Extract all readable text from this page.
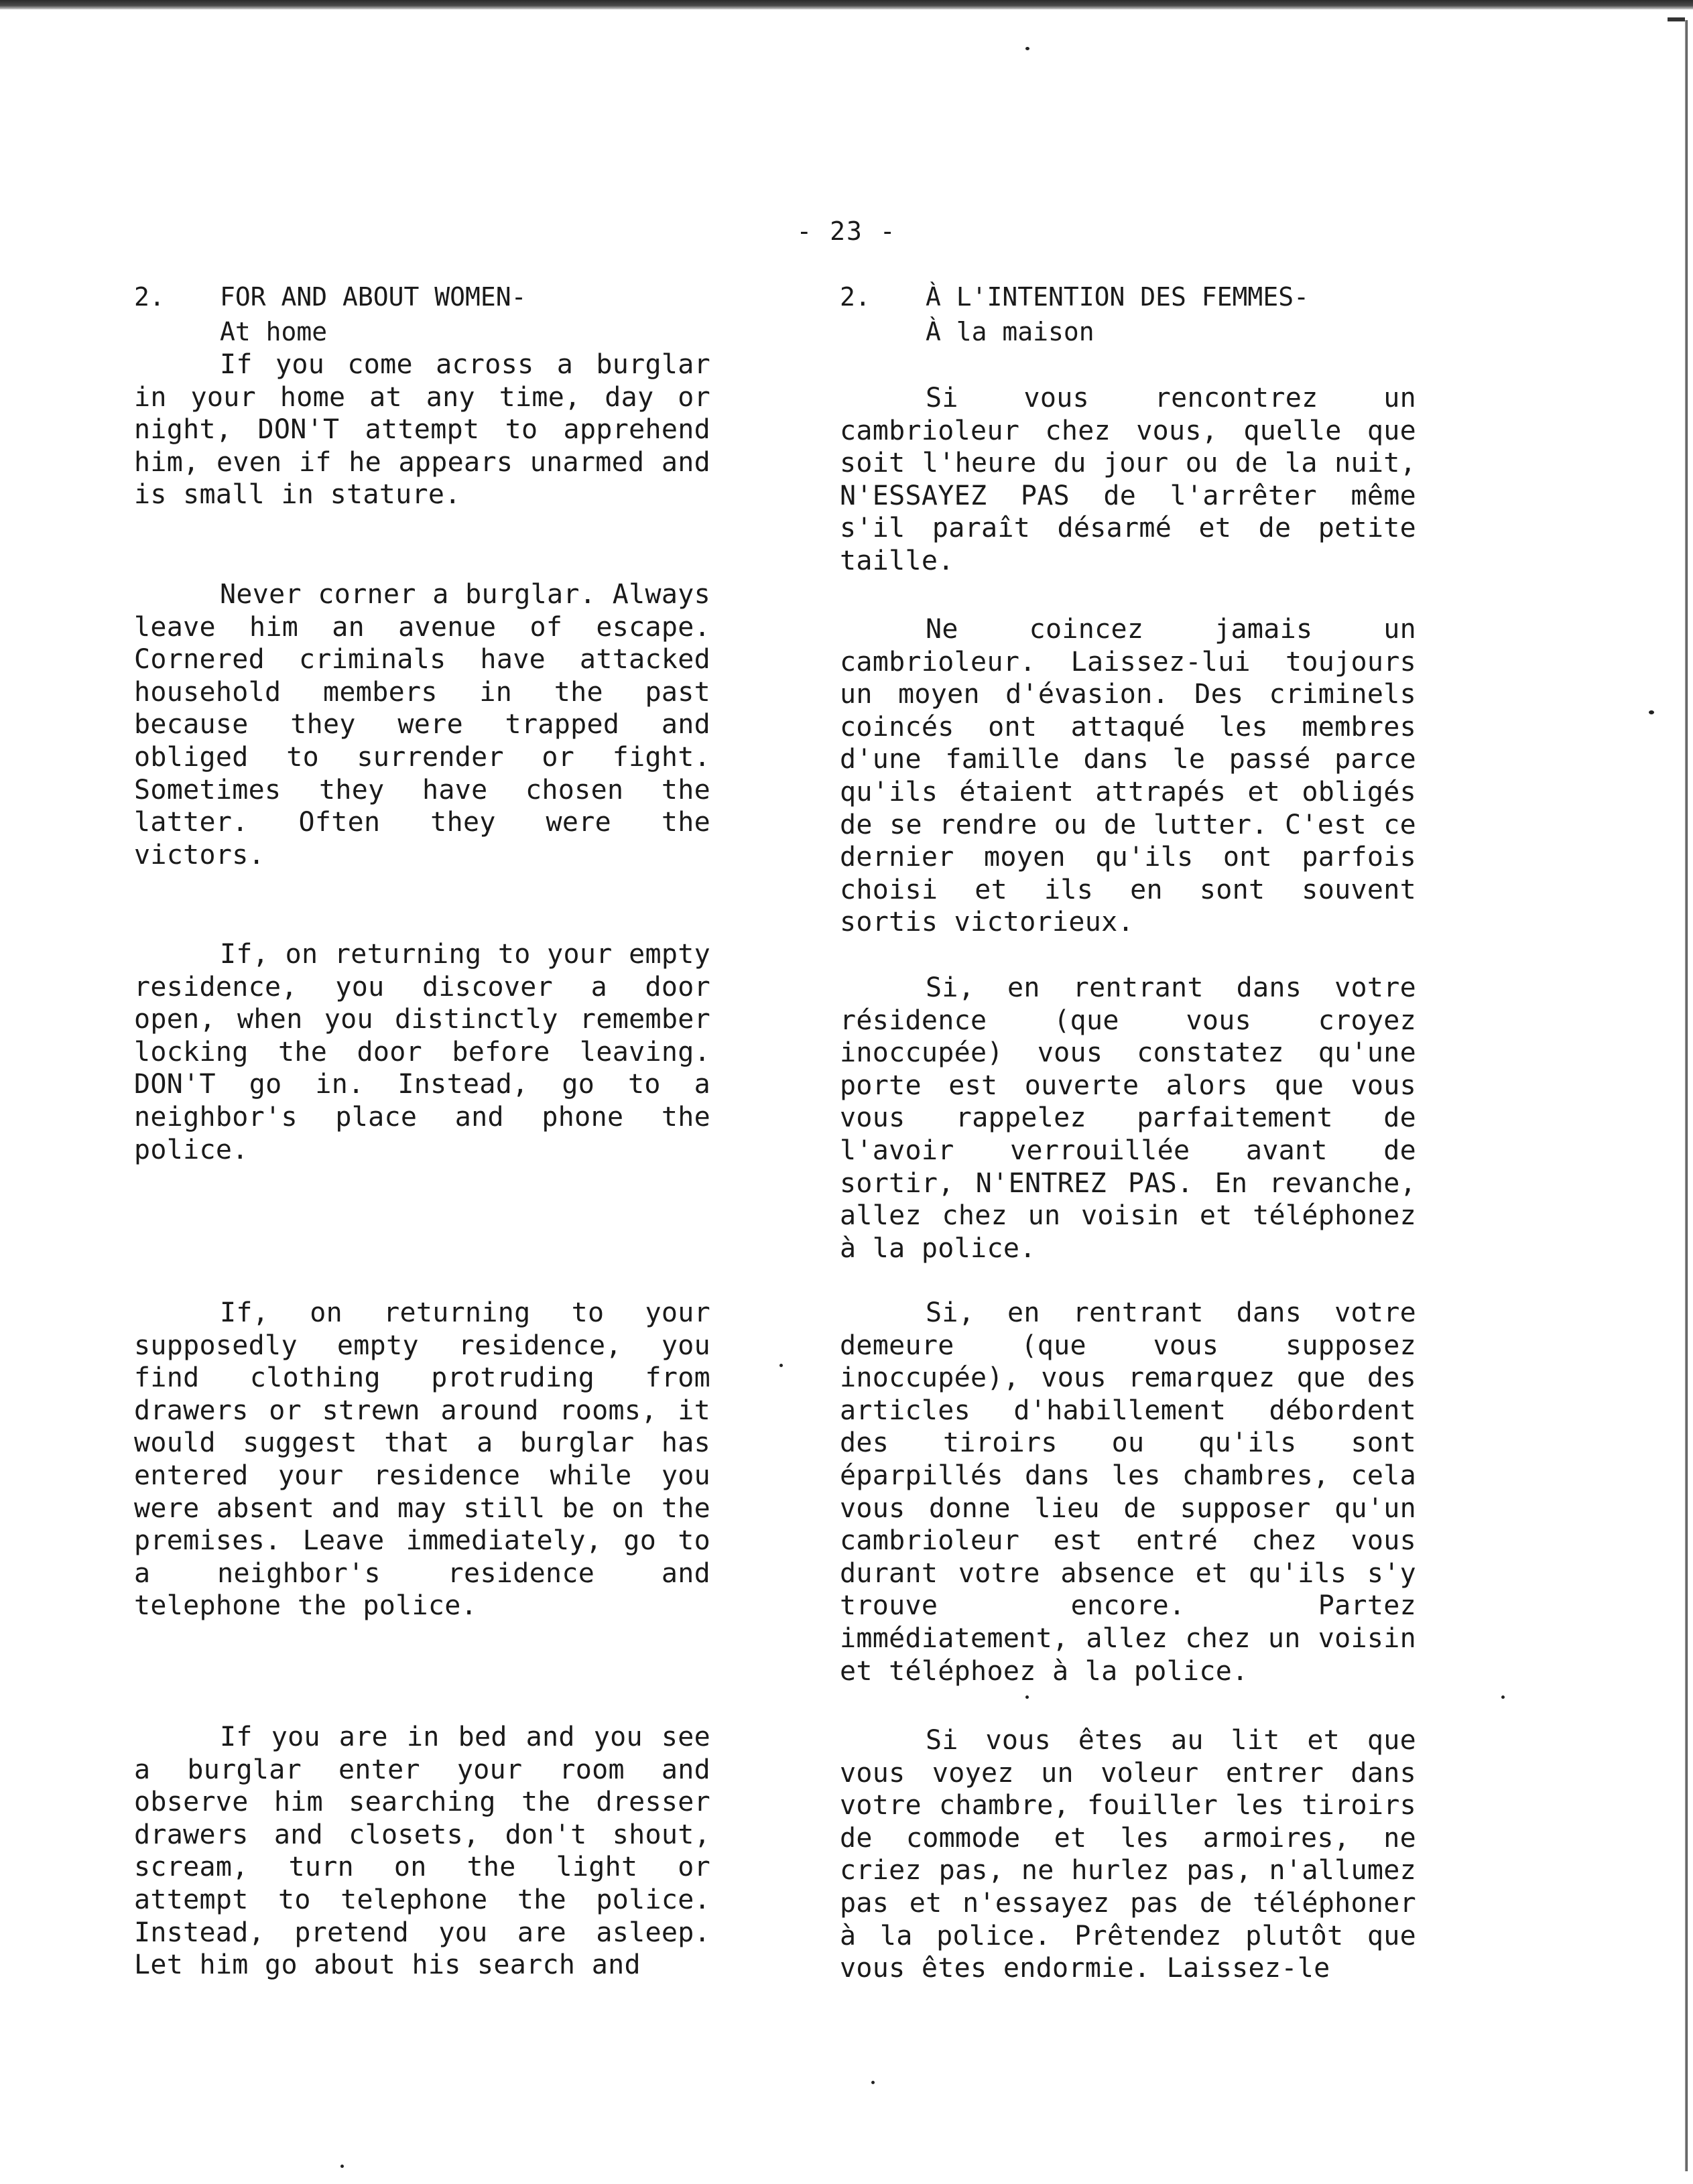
- 23 -
2. FOR AND ABOUT WOMEN-
At home

If you come across a burglar in your home at any time, day or night, DON'T attempt to apprehend him, even if he appears unarmed and is small in stature.

Never corner a burglar. Always leave him an avenue of escape. Cornered criminals have attacked household members in the past because they were trapped and obliged to surrender or fight. Sometimes they have chosen the latter. Often they were the victors.

If, on returning to your empty residence, you discover a door open, when you distinctly remember locking the door before leaving. DON'T go in. Instead, go to a neighbor's place and phone the police.

If, on returning to your supposedly empty residence, you find clothing protruding from drawers or strewn around rooms, it would suggest that a burglar has entered your residence while you were absent and may still be on the premises. Leave immediately, go to a neighbor's residence and telephone the police.

If you are in bed and you see a burglar enter your room and observe him searching the dresser drawers and closets, don't shout, scream, turn on the light or attempt to telephone the police. Instead, pretend you are asleep. Let him go about his search and

2. À L'INTENTION DES FEMMES-
À la maison

Si vous rencontrez un cambrioleur chez vous, quelle que soit l'heure du jour ou de la nuit, N'ESSAYEZ PAS de l'arrêter même s'il paraît désarmé et de petite taille.

Ne coincez jamais un cambrioleur. Laissez-lui toujours un moyen d'évasion. Des criminels coincés ont attaqué les membres d'une famille dans le passé parce qu'ils étaient attrapés et obligés de se rendre ou de lutter. C'est ce dernier moyen qu'ils ont parfois choisi et ils en sont souvent sortis victorieux.

Si, en rentrant dans votre résidence (que vous croyez inoccupée) vous constatez qu'une porte est ouverte alors que vous vous rappelez parfaitement de l'avoir verrouillée avant de sortir, N'ENTREZ PAS. En revanche, allez chez un voisin et téléphonez à la police.

Si, en rentrant dans votre demeure (que vous supposez inoccupée), vous remarquez que des articles d'habillement débordent des tiroirs ou qu'ils sont éparpillés dans les chambres, cela vous donne lieu de supposer qu'un cambrioleur est entré chez vous durant votre absence et qu'ils s'y trouve encore. Partez immédiatement, allez chez un voisin et téléphoez à la police.

Si vous êtes au lit et que vous voyez un voleur entrer dans votre chambre, fouiller les tiroirs de commode et les armoires, ne criez pas, ne hurlez pas, n'allumez pas et n'essayez pas de téléphoner à la police. Prêtendez plutôt que vous êtes endormie. Laissez-le
